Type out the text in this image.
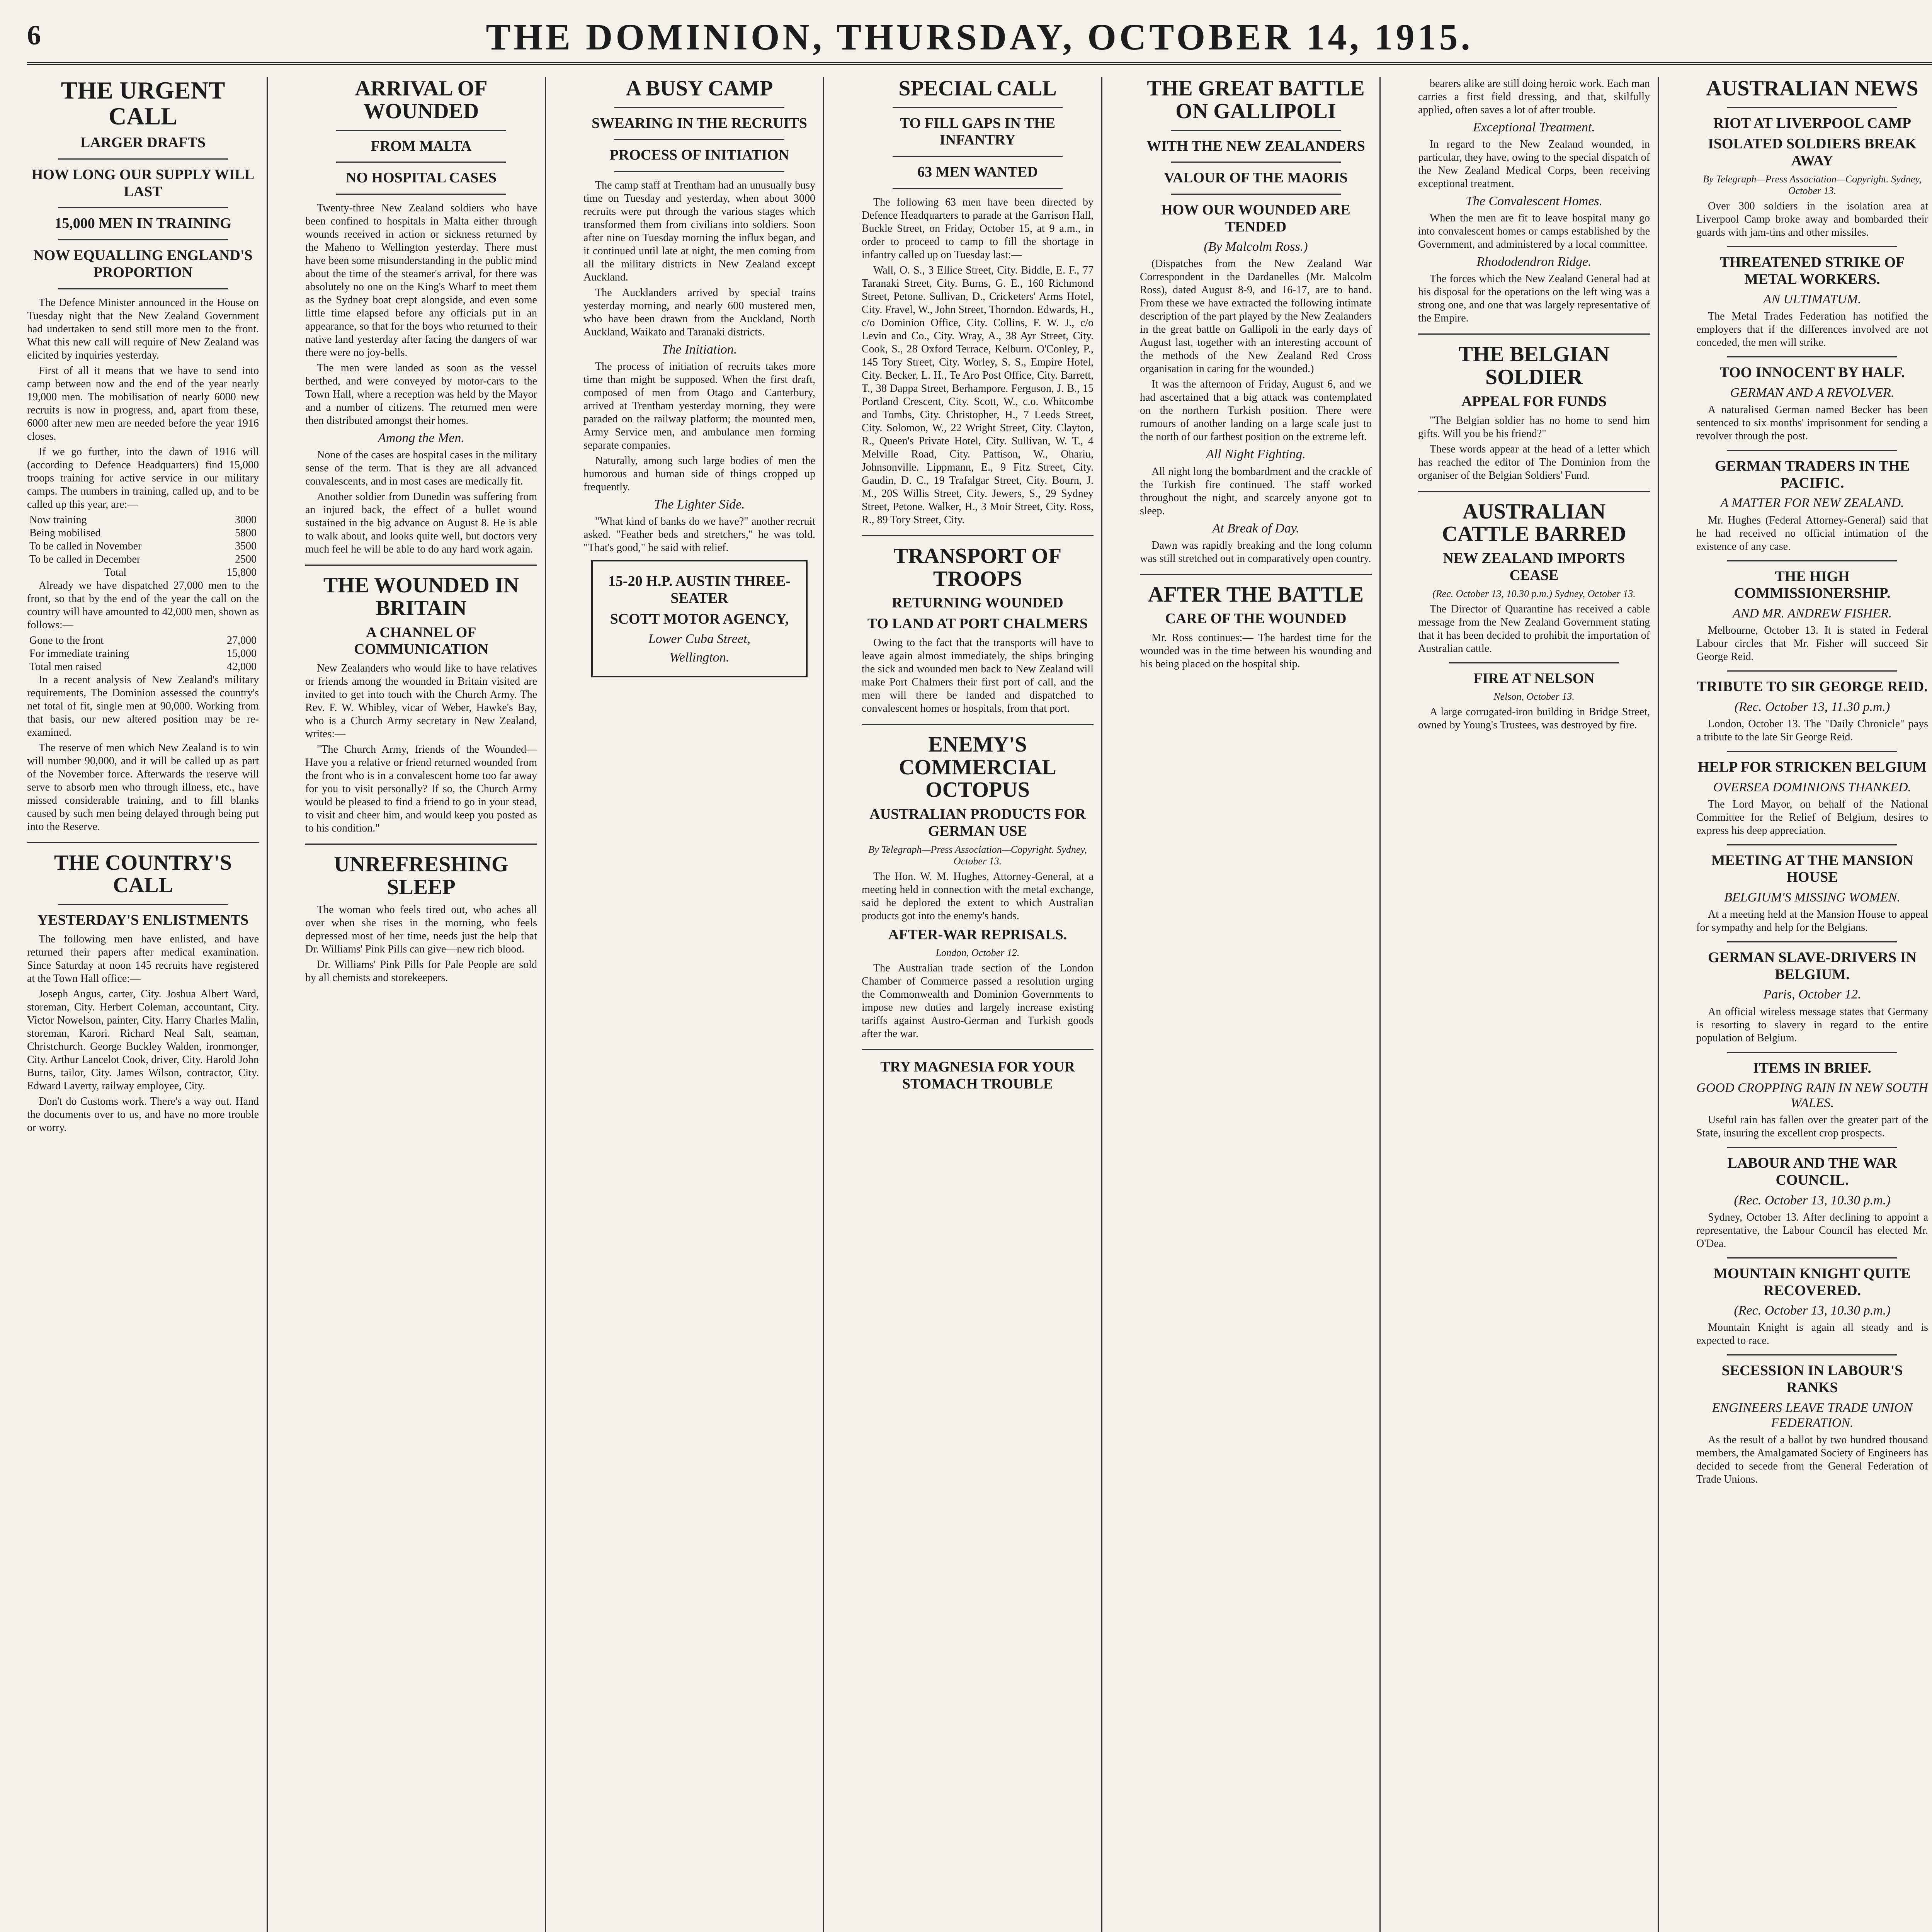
6	THE DOMINION, THURSDAY, OCTOBER 14, 1915.
THE URGENT CALL
LARGER DRAFTS
HOW LONG OUR SUPPLY WILL LAST
15,000 MEN IN TRAINING
NOW EQUALLING ENGLAND'S PROPORTION

The Defence Minister announced in the House on Tuesday night that the New Zealand Government had undertaken to send still more men to the front. What this new call will require of New Zealand was elicited by inquiries yesterday.

First of all it means that we have to send into camp between now and the end of the year nearly 19,000 men. The mobilisation of nearly 6000 new recruits is now in progress, and, apart from these, 6000 after new men are needed before the year 1916 closes.

If we go further, into the dawn of 1916 will (according to Defence Headquarters) find 15,000 troops training for active service in our military camps. The numbers in training, called up, and to be called up this year, are:—

Now training	3000
Being mobilised	5800
To be called in November	3500
To be called in December	2500
Total	15,800

Already we have dispatched 27,000 men to the front, so that by the end of the year the call on the country will have amounted to 42,000 men, shown as follows:—

Gone to the front	27,000
For immediate training	15,000
Total men raised	42,000

In a recent analysis of New Zealand's military requirements, The Dominion assessed the country's net total of fit, single men at 90,000. Working from that basis, our new altered position may be re-examined.

The reserve of men which New Zealand is to win will number 90,000, and it will be called up as part of the November force. Afterwards the reserve will serve to absorb men who through illness, etc., have missed considerable training, and to fill blanks caused by such men being delayed through being put into the Reserve.

THE COUNTRY'S CALL
YESTERDAY'S ENLISTMENTS

The following men have enlisted, and have returned their papers after medical examination. Since Saturday at noon 145 recruits have registered at the Town Hall office:—

Joseph Angus, carter, City. Joshua Albert Ward, storeman, City. Herbert Coleman, accountant, City. Victor Nowelson, painter, City. Harry Charles Malin, storeman, Karori. Richard Neal Salt, seaman, Christchurch. George Buckley Walden, ironmonger, City. Arthur Lancelot Cook, driver, City. Harold John Burns, tailor, City. James Wilson, contractor, City. Edward Laverty, railway employee, City.

Don't do Customs work. There's a way out. Hand the documents over to us, and have no more trouble or worry.

ARRIVAL OF WOUNDED
FROM MALTA
NO HOSPITAL CASES

Twenty-three New Zealand soldiers who have been confined to hospitals in Malta either through wounds received in action or sickness returned by the Maheno to Wellington yesterday. There must have been some misunderstanding in the public mind about the time of the steamer's arrival, for there was absolutely no one on the King's Wharf to meet them as the Sydney boat crept alongside, and even some little time elapsed before any officials put in an appearance, so that for the boys who returned to their native land yesterday after facing the dangers of war there were no joy-bells.

The men were landed as soon as the vessel berthed, and were conveyed by motor-cars to the Town Hall, where a reception was held by the Mayor and a number of citizens. The returned men were then distributed amongst their homes.

Among the Men.

None of the cases are hospital cases in the military sense of the term. That is they are all advanced convalescents, and in most cases are medically fit.

Another soldier from Dunedin was suffering from an injured back, the effect of a bullet wound sustained in the big advance on August 8. He is able to walk about, and looks quite well, but doctors very much feel he will be able to do any hard work again.

THE WOUNDED IN BRITAIN
A CHANNEL OF COMMUNICATION

New Zealanders who would like to have relatives or friends among the wounded in Britain visited are invited to get into touch with the Church Army. The Rev. F. W. Whibley, vicar of Weber, Hawke's Bay, who is a Church Army secretary in New Zealand, writes:—

"The Church Army, friends of the Wounded—Have you a relative or friend returned wounded from the front who is in a convalescent home too far away for you to visit personally? If so, the Church Army would be pleased to find a friend to go in your stead, to visit and cheer him, and would keep you posted as to his condition."

UNREFRESHING SLEEP

The woman who feels tired out, who aches all over when she rises in the morning, who feels depressed most of her time, needs just the help that Dr. Williams' Pink Pills can give—new rich blood.

Dr. Williams' Pink Pills for Pale People are sold by all chemists and storekeepers.

A BUSY CAMP
SWEARING IN THE RECRUITS
PROCESS OF INITIATION

The camp staff at Trentham had an unusually busy time on Tuesday and yesterday, when about 3000 recruits were put through the various stages which transformed them from civilians into soldiers. Soon after nine on Tuesday morning the influx began, and it continued until late at night, the men coming from all the military districts in New Zealand except Auckland.

The Aucklanders arrived by special trains yesterday morning, and nearly 600 mustered men, who have been drawn from the Auckland, North Auckland, Waikato and Taranaki districts.

The Initiation.

The process of initiation of recruits takes more time than might be supposed. When the first draft, composed of men from Otago and Canterbury, arrived at Trentham yesterday morning, they were paraded on the railway platform; the mounted men, Army Service men, and ambulance men forming separate companies.

Naturally, among such large bodies of men the humorous and human side of things cropped up frequently.

The Lighter Side.

"What kind of banks do we have?" another recruit asked. "Feather beds and stretchers," he was told. "That's good," he said with relief.

15-20 H.P. AUSTIN THREE-SEATER
SCOTT MOTOR AGENCY,
Lower Cuba Street,
Wellington.
SPECIAL CALL
TO FILL GAPS IN THE INFANTRY
63 MEN WANTED

The following 63 men have been directed by Defence Headquarters to parade at the Garrison Hall, Buckle Street, on Friday, October 15, at 9 a.m., in order to proceed to camp to fill the shortage in infantry called up on Tuesday last:—

Wall, O. S., 3 Ellice Street, City. Biddle, E. F., 77 Taranaki Street, City. Burns, G. E., 160 Richmond Street, Petone. Sullivan, D., Cricketers' Arms Hotel, City. Fravel, W., John Street, Thorndon. Edwards, H., c/o Dominion Office, City. Collins, F. W. J., c/o Levin and Co., City. Wray, A., 38 Ayr Street, City. Cook, S., 28 Oxford Terrace, Kelburn. O'Conley, P., 145 Tory Street, City. Worley, S. S., Empire Hotel, City. Becker, L. H., Te Aro Post Office, City. Barrett, T., 38 Dappa Street, Berhampore. Ferguson, J. B., 15 Portland Crescent, City. Scott, W., c.o. Whitcombe and Tombs, City. Christopher, H., 7 Leeds Street, City. Solomon, W., 22 Wright Street, City. Clayton, R., Queen's Private Hotel, City. Sullivan, W. T., 4 Melville Road, City. Pattison, W., Ohariu, Johnsonville. Lippmann, E., 9 Fitz Street, City. Gaudin, D. C., 19 Trafalgar Street, City. Bourn, J. M., 20S Willis Street, City. Jewers, S., 29 Sydney Street, Petone. Walker, H., 3 Moir Street, City. Ross, R., 89 Tory Street, City.

TRANSPORT OF TROOPS
RETURNING WOUNDED
TO LAND AT PORT CHALMERS

Owing to the fact that the transports will have to leave again almost immediately, the ships bringing the sick and wounded men back to New Zealand will make Port Chalmers their first port of call, and the men will there be landed and dispatched to convalescent homes or hospitals, from that port.

ENEMY'S COMMERCIAL OCTOPUS
AUSTRALIAN PRODUCTS FOR GERMAN USE
By Telegraph—Press Association—Copyright. Sydney, October 13.

The Hon. W. M. Hughes, Attorney-General, at a meeting held in connection with the metal exchange, said he deplored the extent to which Australian products got into the enemy's hands.

AFTER-WAR REPRISALS.
London, October 12.

The Australian trade section of the London Chamber of Commerce passed a resolution urging the Commonwealth and Dominion Governments to impose new duties and largely increase existing tariffs against Austro-German and Turkish goods after the war.

TRY MAGNESIA FOR YOUR STOMACH TROUBLE
THE GREAT BATTLE ON GALLIPOLI
WITH THE NEW ZEALANDERS
VALOUR OF THE MAORIS
HOW OUR WOUNDED ARE TENDED
(By Malcolm Ross.)

(Dispatches from the New Zealand War Correspondent in the Dardanelles (Mr. Malcolm Ross), dated August 8-9, and 16-17, are to hand. From these we have extracted the following intimate description of the part played by the New Zealanders in the great battle on Gallipoli in the early days of August last, together with an interesting account of the methods of the New Zealand Red Cross organisation in caring for the wounded.)

It was the afternoon of Friday, August 6, and we had ascertained that a big attack was contemplated on the northern Turkish position. There were rumours of another landing on a large scale just to the north of our farthest position on the extreme left.

All Night Fighting.

All night long the bombardment and the crackle of the Turkish fire continued. The staff worked throughout the night, and scarcely anyone got to sleep.

At Break of Day.

Dawn was rapidly breaking and the long column was still stretched out in comparatively open country.

AFTER THE BATTLE
CARE OF THE WOUNDED

Mr. Ross continues:— The hardest time for the wounded was in the time between his wounding and his being placed on the hospital ship.

bearers alike are still doing heroic work. Each man carries a first field dressing, and that, skilfully applied, often saves a lot of after trouble.

Exceptional Treatment.

In regard to the New Zealand wounded, in particular, they have, owing to the special dispatch of the New Zealand Medical Corps, been receiving exceptional treatment.

The Convalescent Homes.

When the men are fit to leave hospital many go into convalescent homes or camps established by the Government, and administered by a local committee.

Rhododendron Ridge.

The forces which the New Zealand General had at his disposal for the operations on the left wing was a strong one, and one that was largely representative of the Empire.

THE BELGIAN SOLDIER
APPEAL FOR FUNDS

"The Belgian soldier has no home to send him gifts. Will you be his friend?"

These words appear at the head of a letter which has reached the editor of The Dominion from the organiser of the Belgian Soldiers' Fund.

AUSTRALIAN CATTLE BARRED
NEW ZEALAND IMPORTS CEASE
(Rec. October 13, 10.30 p.m.) Sydney, October 13.

The Director of Quarantine has received a cable message from the New Zealand Government stating that it has been decided to prohibit the importation of Australian cattle.

FIRE AT NELSON
Nelson, October 13.

A large corrugated-iron building in Bridge Street, owned by Young's Trustees, was destroyed by fire.

AUSTRALIAN NEWS
RIOT AT LIVERPOOL CAMP
ISOLATED SOLDIERS BREAK AWAY
By Telegraph—Press Association—Copyright. Sydney, October 13.

Over 300 soldiers in the isolation area at Liverpool Camp broke away and bombarded their guards with jam-tins and other missiles.

THREATENED STRIKE OF METAL WORKERS.
AN ULTIMATUM.

The Metal Trades Federation has notified the employers that if the differences involved are not conceded, the men will strike.

TOO INNOCENT BY HALF.
GERMAN AND A REVOLVER.

A naturalised German named Becker has been sentenced to six months' imprisonment for sending a revolver through the post.

GERMAN TRADERS IN THE PACIFIC.
A MATTER FOR NEW ZEALAND.

Mr. Hughes (Federal Attorney-General) said that he had received no official intimation of the existence of any case.

THE HIGH COMMISSIONERSHIP.
AND MR. ANDREW FISHER.

Melbourne, October 13. It is stated in Federal Labour circles that Mr. Fisher will succeed Sir George Reid.

TRIBUTE TO SIR GEORGE REID.
(Rec. October 13, 11.30 p.m.)

London, October 13. The "Daily Chronicle" pays a tribute to the late Sir George Reid.

HELP FOR STRICKEN BELGIUM
OVERSEA DOMINIONS THANKED.

The Lord Mayor, on behalf of the National Committee for the Relief of Belgium, desires to express his deep appreciation.

MEETING AT THE MANSION HOUSE
BELGIUM'S MISSING WOMEN.

At a meeting held at the Mansion House to appeal for sympathy and help for the Belgians.

GERMAN SLAVE-DRIVERS IN BELGIUM.
Paris, October 12.

An official wireless message states that Germany is resorting to slavery in regard to the entire population of Belgium.

ITEMS IN BRIEF.
GOOD CROPPING RAIN IN NEW SOUTH WALES.

Useful rain has fallen over the greater part of the State, insuring the excellent crop prospects.

LABOUR AND THE WAR COUNCIL.
(Rec. October 13, 10.30 p.m.)

Sydney, October 13. After declining to appoint a representative, the Labour Council has elected Mr. O'Dea.

MOUNTAIN KNIGHT QUITE RECOVERED.
(Rec. October 13, 10.30 p.m.)

Mountain Knight is again all steady and is expected to race.

SECESSION IN LABOUR'S RANKS
ENGINEERS LEAVE TRADE UNION FEDERATION.

As the result of a ballot by two hundred thousand members, the Amalgamated Society of Engineers has decided to secede from the General Federation of Trade Unions.
